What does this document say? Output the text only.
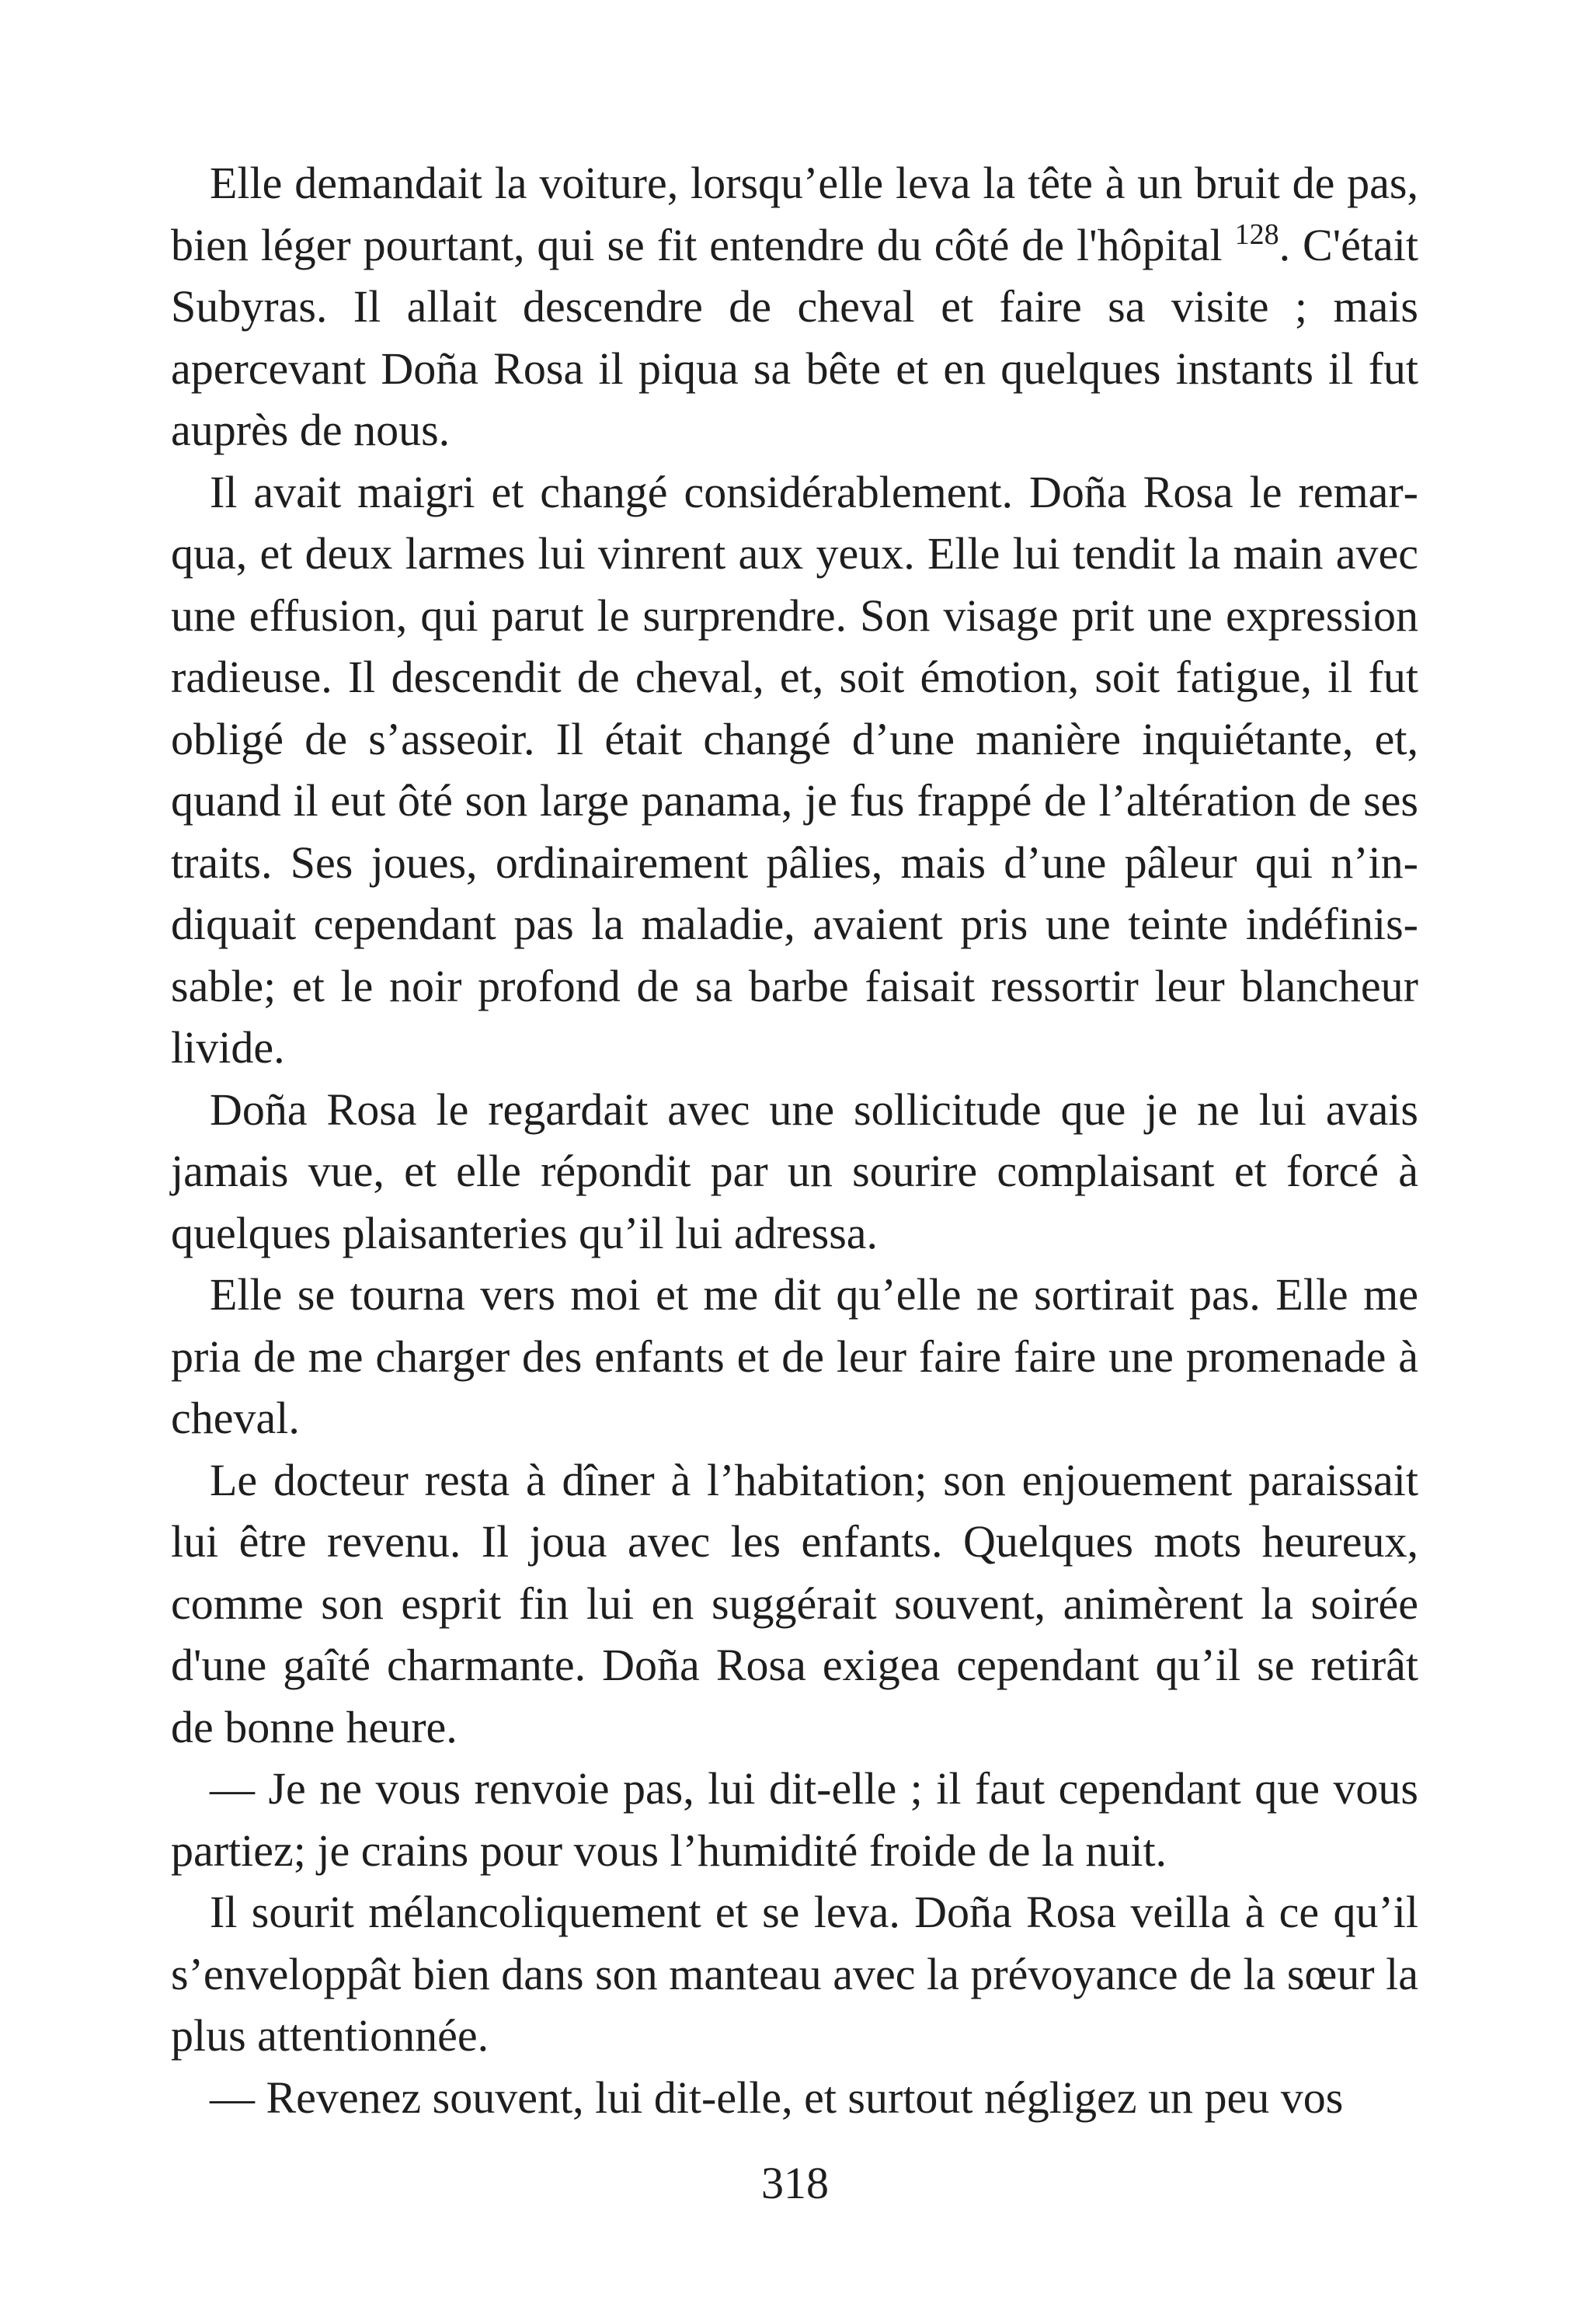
Elle demandait la voiture, lorsqu’elle leva la tête à un bruit de pas, bien léger pourtant, qui se fit entendre du côté de l'hôpital $^{128}$. C'était Subyras. Il allait descendre de cheval et faire sa visite ; mais apercevant Doña Rosa il piqua sa bête et en quelques instants il fut auprès de nous.

Il avait maigri et changé considérablement. Doña Rosa le remarqua, et deux larmes lui vinrent aux yeux. Elle lui tendit la main avec une effusion, qui parut le surprendre. Son visage prit une expression radieuse. Il descendit de cheval, et, soit émotion, soit fatigue, il fut obligé de s’asseoir. Il était changé d’une manière inquiétante, et, quand il eut ôté son large panama, je fus frappé de l’altération de ses traits. Ses joues, ordinairement pâlies, mais d’une pâleur qui n’indiquait cependant pas la maladie, avaient pris une teinte indéfinissable; et le noir profond de sa barbe faisait ressortir leur blancheur livide.

Doña Rosa le regardait avec une sollicitude que je ne lui avais jamais vue, et elle répondit par un sourire complaisant et forcé à quelques plaisanteries qu’il lui adressa.

Elle se tourna vers moi et me dit qu’elle ne sortirait pas. Elle me pria de me charger des enfants et de leur faire faire une promenade à cheval.

Le docteur resta à dîner à l’habitation; son enjouement paraissait lui être revenu. Il joua avec les enfants. Quelques mots heureux, comme son esprit fin lui en suggérait souvent, animèrent la soirée d'une gaîté charmante. Doña Rosa exigea cependant qu’il se retirât de bonne heure.

— Je ne vous renvoie pas, lui dit-elle ; il faut cependant que vous partiez; je crains pour vous l’humidité froide de la nuit.

Il sourit mélancoliquement et se leva. Doña Rosa veilla à ce qu’il s’enveloppât bien dans son manteau avec la prévoyance de la sœur la plus attentionnée.

— Revenez souvent, lui dit-elle, et surtout négligez un peu vos

318
